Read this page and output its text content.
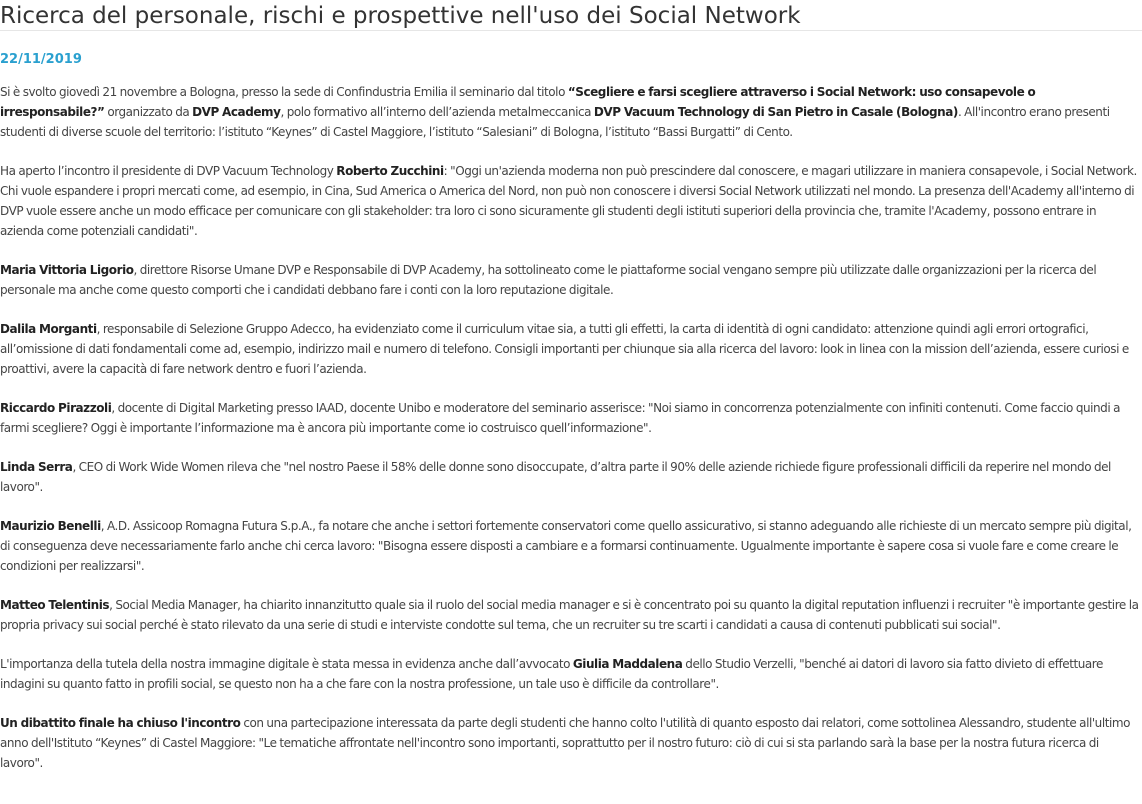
Ricerca del personale, rischi e prospettive nell'uso dei Social Network
22/11/2019

Si è svolto giovedì 21 novembre a Bologna, presso la sede di Confindustria Emilia il seminario dal titolo “Scegliere e farsi scegliere attraverso i Social Network: uso consapevole o irresponsabile?” organizzato da DVP Academy, polo formativo all’interno dell’azienda metalmeccanica DVP Vacuum Technology di San Pietro in Casale (Bologna). All'incontro erano presenti studenti di diverse scuole del territorio: l’istituto “Keynes” di Castel Maggiore, l’istituto “Salesiani” di Bologna, l’istituto “Bassi Burgatti” di Cento.

Ha aperto l’incontro il presidente di DVP Vacuum Technology Roberto Zucchini: "Oggi un'azienda moderna non può prescindere dal conoscere, e magari utilizzare in maniera consapevole, i Social Network. Chi vuole espandere i propri mercati come, ad esempio, in Cina, Sud America o America del Nord, non può non conoscere i diversi Social Network utilizzati nel mondo. La presenza dell'Academy all'interno di DVP vuole essere anche un modo efficace per comunicare con gli stakeholder: tra loro ci sono sicuramente gli studenti degli istituti superiori della provincia che, tramite l'Academy, possono entrare in azienda come potenziali candidati".

Maria Vittoria Ligorio, direttore Risorse Umane DVP e Responsabile di DVP Academy, ha sottolineato come le piattaforme social vengano sempre più utilizzate dalle organizzazioni per la ricerca del personale ma anche come questo comporti che i candidati debbano fare i conti con la loro reputazione digitale.

Dalila Morganti, responsabile di Selezione Gruppo Adecco, ha evidenziato come il curriculum vitae sia, a tutti gli effetti, la carta di identità di ogni candidato: attenzione quindi agli errori ortografici, all’omissione di dati fondamentali come ad, esempio, indirizzo mail e numero di telefono. Consigli importanti per chiunque sia alla ricerca del lavoro: look in linea con la mission dell’azienda, essere curiosi e proattivi, avere la capacità di fare network dentro e fuori l’azienda.

Riccardo Pirazzoli, docente di Digital Marketing presso IAAD, docente Unibo e moderatore del seminario asserisce: "Noi siamo in concorrenza potenzialmente con infiniti contenuti. Come faccio quindi a farmi scegliere? Oggi è importante l’informazione ma è ancora più importante come io costruisco quell’informazione".

Linda Serra, CEO di Work Wide Women rileva che "nel nostro Paese il 58% delle donne sono disoccupate, d’altra parte il 90% delle aziende richiede figure professionali difficili da reperire nel mondo del lavoro".

Maurizio Benelli, A.D. Assicoop Romagna Futura S.p.A., fa notare che anche i settori fortemente conservatori come quello assicurativo, si stanno adeguando alle richieste di un mercato sempre più digital, di conseguenza deve necessariamente farlo anche chi cerca lavoro: "Bisogna essere disposti a cambiare e a formarsi continuamente. Ugualmente importante è sapere cosa si vuole fare e come creare le condizioni per realizzarsi".

Matteo Telentinis, Social Media Manager, ha chiarito innanzitutto quale sia il ruolo del social media manager e si è concentrato poi su quanto la digital reputation influenzi i recruiter "è importante gestire la propria privacy sui social perché è stato rilevato da una serie di studi e interviste condotte sul tema, che un recruiter su tre scarti i candidati a causa di contenuti pubblicati sui social".

L'importanza della tutela della nostra immagine digitale è stata messa in evidenza anche dall’avvocato Giulia Maddalena dello Studio Verzelli, "benché ai datori di lavoro sia fatto divieto di effettuare indagini su quanto fatto in profili social, se questo non ha a che fare con la nostra professione, un tale uso è difficile da controllare".

Un dibattito finale ha chiuso l'incontro con una partecipazione interessata da parte degli studenti che hanno colto l'utilità di quanto esposto dai relatori, come sottolinea Alessandro, studente all'ultimo anno dell'Istituto “Keynes” di Castel Maggiore: "Le tematiche affrontate nell'incontro sono importanti, soprattutto per il nostro futuro: ciò di cui si sta parlando sarà la base per la nostra futura ricerca di lavoro".
